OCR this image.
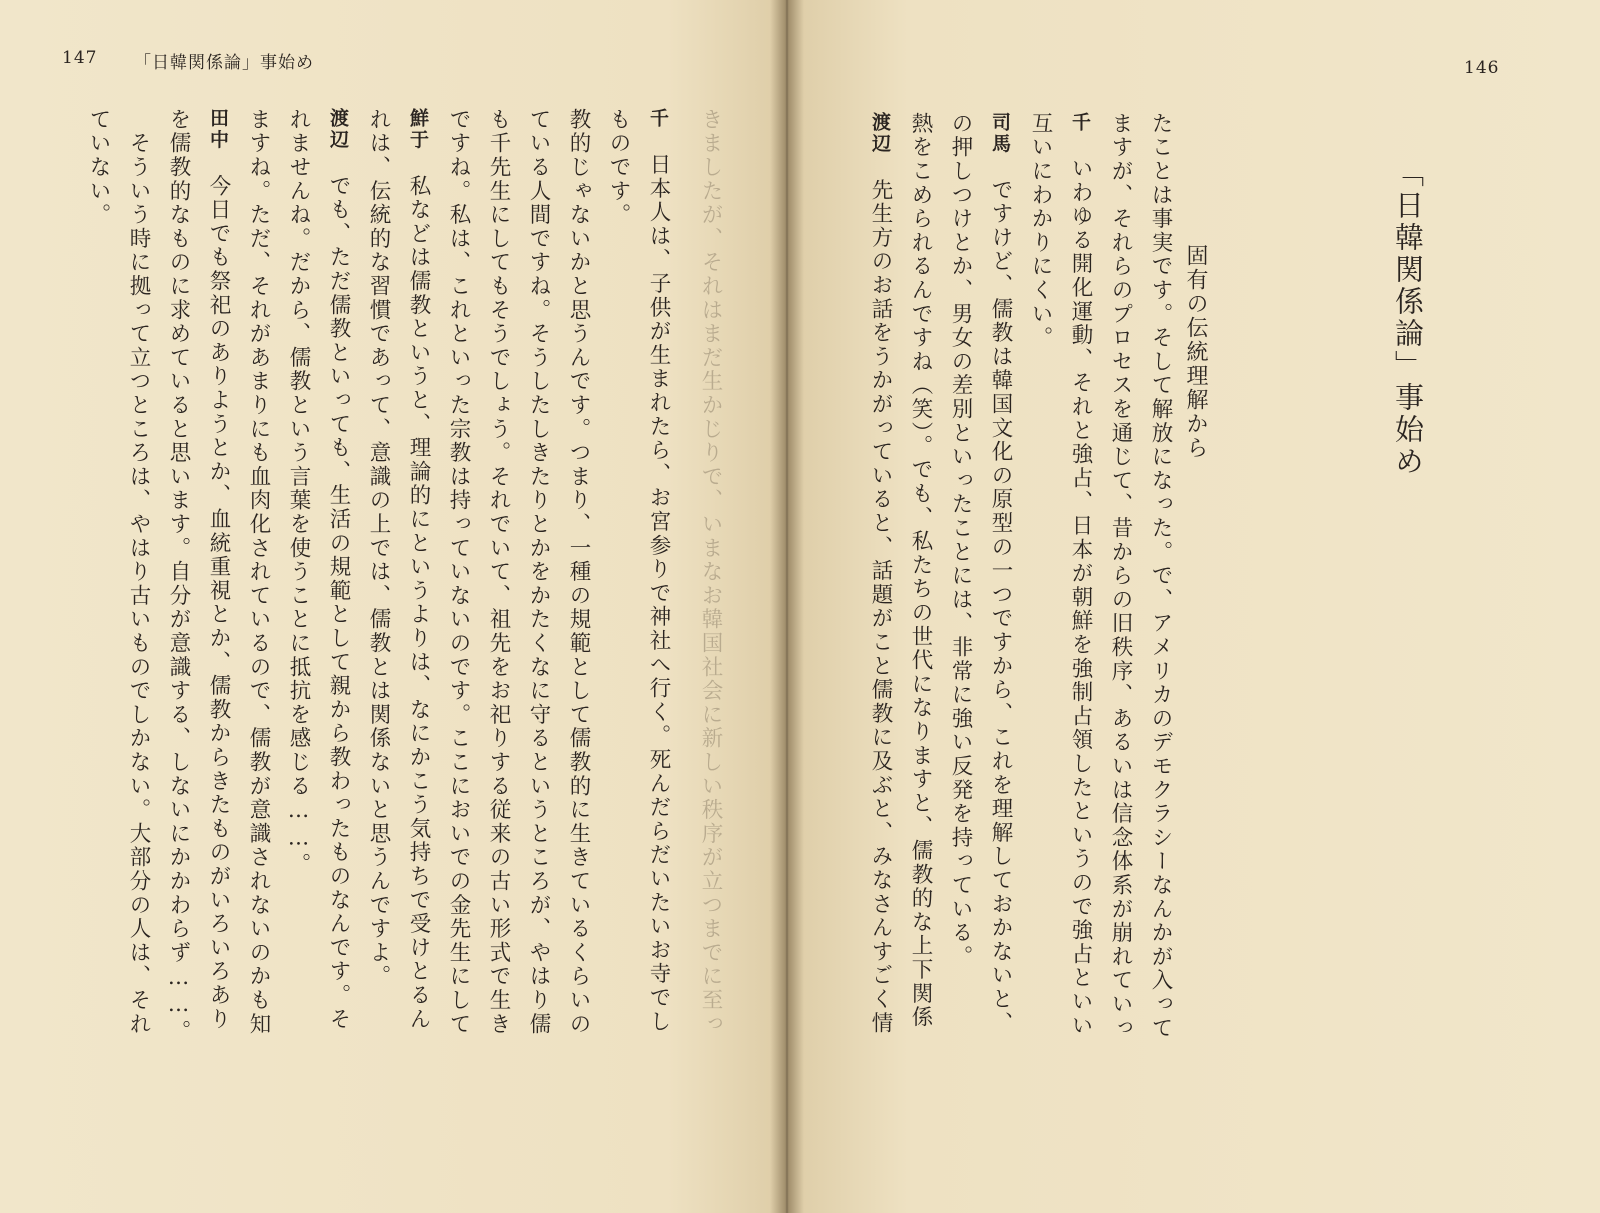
147 「日韓関係論」事始め
千　日本人は、子供が生まれたら、お宮参りで神社へ行く。死んだらだいたいお寺でし
ものです。
教的じゃないかと思うんです。つまり、一種の規範として儒教的に生きているくらいの
ている人間ですね。そうしたしきたりとかをかたくなに守るというところが、やはり儒
も千先生にしてもそうでしょう。それでいて、祖先をお祀りする従来の古い形式で生き
ですね。私は、これといった宗教は持っていないのです。ここにおいでの金先生にして
鮮于　私などは儒教というと、理論的にというよりは、なにかこう気持ちで受けとるん
れは、伝統的な習慣であって、意識の上では、儒教とは関係ないと思うんですよ。
渡辺　でも、ただ儒教といっても、生活の規範として親から教わったものなんです。そ
れませんね。だから、儒教という言葉を使うことに抵抗を感じる……。
ますね。ただ、それがあまりにも血肉化されているので、儒教が意識されないのかも知
田中　今日でも祭祀のありようとか、血統重視とか、儒教からきたものがいろいろあり
を儒教的なものに求めていると思います。自分が意識する、しないにかかわらず……。
　そういう時に拠って立つところは、やはり古いものでしかない。大部分の人は、それ
ていない。	きましたが、それはまだ生かじりで、いまなお韓国社会に新しい秩序が立つまでに至っ
146
「日韓関係論」事始め
固有の伝統理解から
たことは事実です。そして解放になった。で、アメリカのデモクラシーなんかが入って
ますが、それらのプロセスを通じて、昔からの旧秩序、あるいは信念体系が崩れていっ
千　いわゆる開化運動、それと強占、日本が朝鮮を強制占領したというので強占といい
互いにわかりにくい。
司馬　ですけど、儒教は韓国文化の原型の一つですから、これを理解しておかないと、
の押しつけとか、男女の差別といったことには、非常に強い反発を持っている。
熱をこめられるんですね（笑）。でも、私たちの世代になりますと、儒教的な上下関係
渡辺　先生方のお話をうかがっていると、話題がこと儒教に及ぶと、みなさんすごく情
